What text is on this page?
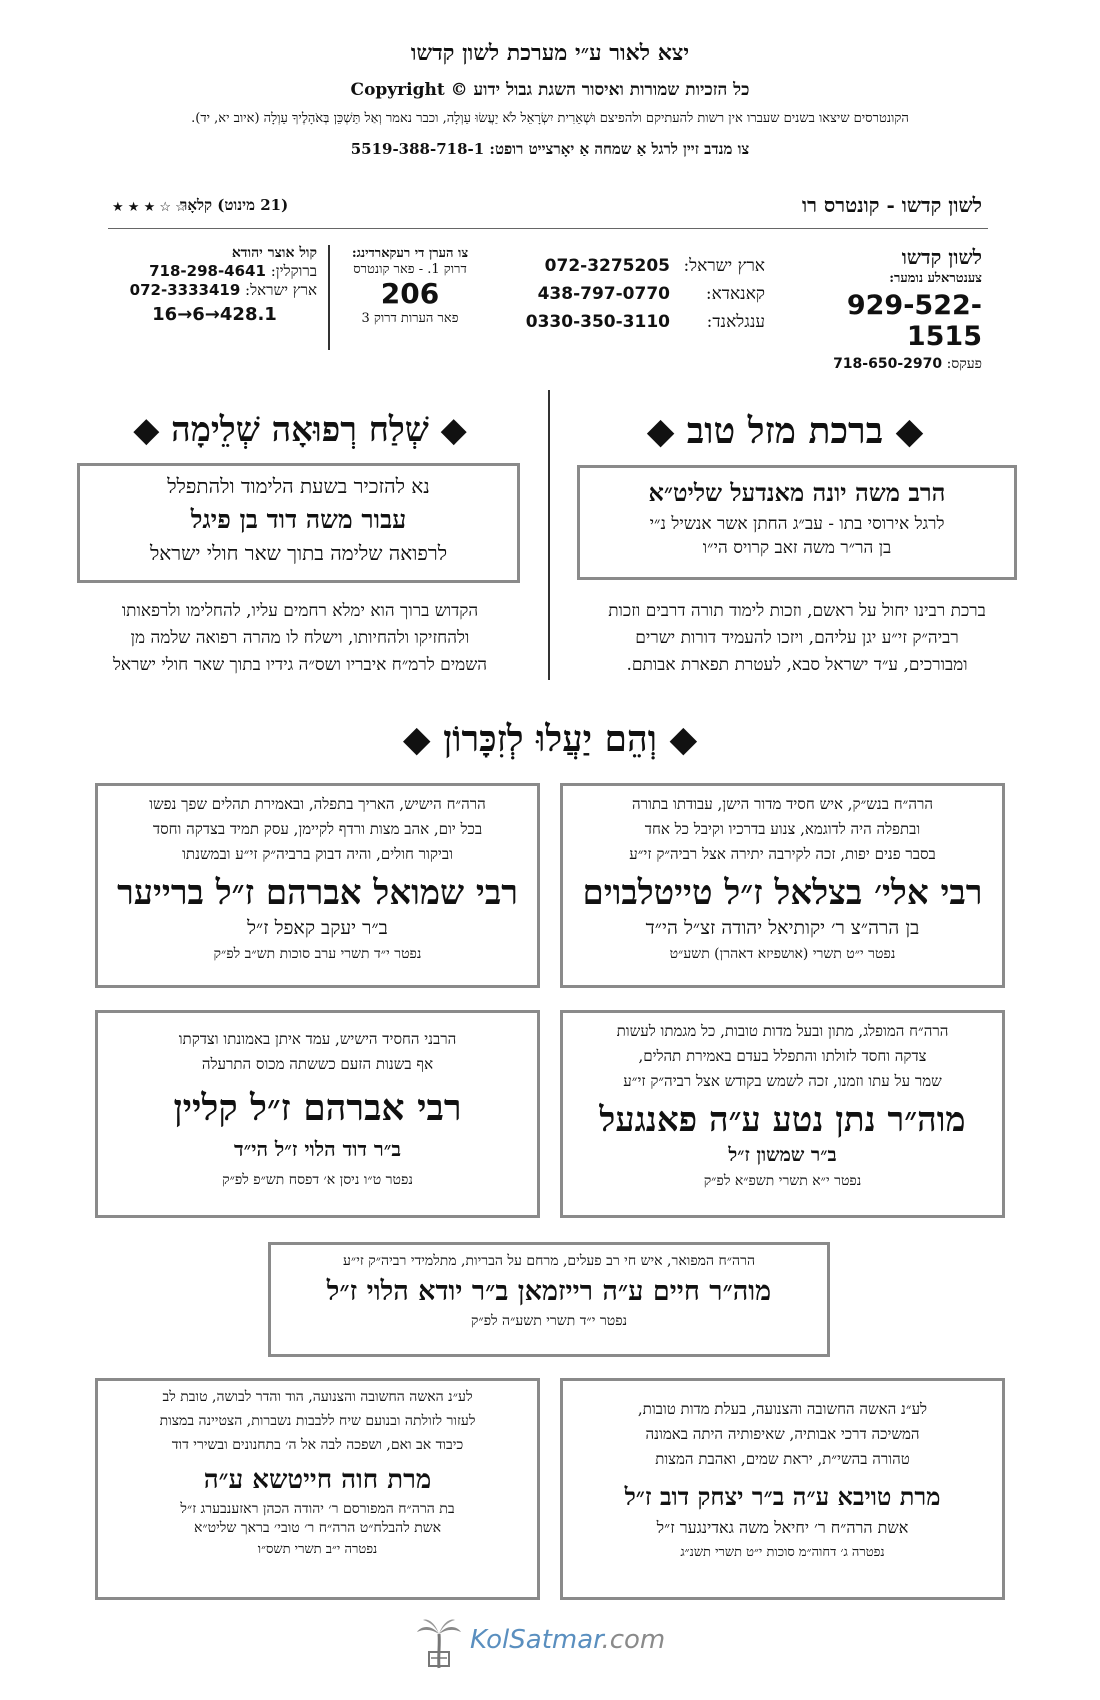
יצא לאור ע״י מערכת לשון קדשו
כל הזכיות שמורות ואיסור השגת גבול ידוע © Copyright
הקונטרסים שיצאו בשנים שעברו אין רשות להעתיקם ולהפיצם וּשְׁאֵרִית יִשְׂרָאֵל לֹא יַעֲשׂוּ עַוְלָה, וכבר נאמר וְאַל תַּשְׁכֵּן בְּאֹהָלֶיךָ עַוְלָה (איוב יא, יד).
צו מנדב זיין לרגל אַ שמחה אַ יאָרצייט רופט: 5519-388-718-1
לשון קדשו - קונטרס רו
(21 מינוט) קלאָר
★ ★ ★ ☆ ☆
לשון קדשו
צענטראלע נומער:
929-522-1515
פעקס: 718-650-2970
ארץ ישראל:072-3275205
קאנאדא:438-797-0770
ענגלאנד:0330-350-3110
צו הערן די רעקארדינג:
דרוק 1. - פאר קונטרס
206
פאר הערות דרוק 3
קול אוצר יהודא
ברוקלין: 718-298-4641
ארץ ישראל: 072-3333419
16→6→428.1
◆ ברכת מזל טוב ◆
הרב משה יונה מאנדעל שליט״א
לרגל אירוסי בתו - עב״ג החתן אשר אנשיל נ״י
בן הר״ר משה זאב קרויס הי״ו
ברכת רבינו יחול על ראשם, וזכות לימוד תורה דרבים וזכות
רביה״ק זי״ע יגן עליהם, ויזכו להעמיד דורות ישרים
ומבורכים, ע״ד ישראל סבא, לעטרת תפארת אבותם.
◆ שְׁלַח רְפוּאָה שְׁלֵימָה ◆
נא להזכיר בשעת הלימוד ולהתפלל
עבור משה דוד בן פיגל
לרפואה שלימה בתוך שאר חולי ישראל
הקדוש ברוך הוא ימלא רחמים עליו, להחלימו ולרפאותו
ולהחזיקו ולהחיותו, וישלח לו מהרה רפואה שלמה מן
השמים לרמ״ח איבריו ושס״ה גידיו בתוך שאר חולי ישראל
◆ וְהֵם יַעֲלוּ לְזִכָּרוֹן ◆
הרה״ח בנש״ק, איש חסיד מדור הישן, עבודתו בתורה
ובתפלה היה לדוגמא, צנוע בדרכיו וקיבל כל אחד
בסבר פנים יפות, זכה לקירבה יתירה אצל רביה״ק זי״ע
רבי אלי׳ בצלאל ז״ל טייטלבוים
בן הרה״צ ר׳ יקותיאל יהודה זצ״ל הי״ד
נפטר י״ט תשרי (אושפיזא דאהרן) תשע״ט
הרה״ח הישיש, האריך בתפלה, ובאמירת תהלים שפך נפשו
בכל יום, אהב מצות ורדף לקיימן, עסק תמיד בצדקה וחסד
וביקור חולים, והיה דבוק ברביה״ק זי״ע ובמשנתו
רבי שמואל אברהם ז״ל ברייער
ב״ר יעקב קאפל ז״ל
נפטר י״ד תשרי ערב סוכות תש״ב לפ״ק
הרה״ח המופלג, מתון ובעל מדות טובות, כל מגמתו לעשות
צדקה וחסד לזולתו והתפלל בעדם באמירת תהלים,
שמר על עתו וזמנו, זכה לשמש בקודש אצל רביה״ק זי״ע
מוה״ר נתן נטע ע״ה פאנגעל
ב״ר שמשון ז״ל
נפטר י״א תשרי תשפ״א לפ״ק
הרבני החסיד הישיש, עמד איתן באמונתו וצדקתו
אף בשנות הזעם כששתה מכוס התרעלה
רבי אברהם ז״ל קליין
ב״ר דוד הלוי ז״ל הי״ד
נפטר ט״ו ניסן א׳ דפסח תש״פ לפ״ק
הרה״ח המפואר, איש חי רב פעלים, מרחם על הבריות, מתלמידי רביה״ק זי״ע
מוה״ר חיים ע״ה רייזמאן ב״ר יודא הלוי ז״ל
נפטר י״ד תשרי תשע״ה לפ״ק
לע״נ האשה החשובה והצנועה, בעלת מדות טובות,
המשיכה דרכי אבותיה, שאיפותיה היתה באמונה
טהורה בהשי״ת, יראת שמים, ואהבת המצות
מרת טויבא ע״ה ב״ר יצחק דוב ז״ל
אשת הרה״ח ר׳ יחיאל משה גאדינגער ז״ל
נפטרה ג׳ דחוה״מ סוכות י״ט תשרי תשנ״ג
לע״נ האשה החשובה והצנועה, הוד והדר לבושה, טובת לב
לעזור לזולתה ובנועם שיח ללבבות נשברות, הצטיינה במצות
כיבוד אב ואם, ושפכה לבה אל ה׳ בתחנונים ובשירי דוד
מרת חוה חייטשא ע״ה
בת הרה״ח המפורסם ר׳ יהודה הכהן ראזענבערג ז״ל
אשת להבלח״ט הרה״ח ר׳ טובי׳ בראך שליט״א
נפטרה י״ב תשרי תשס״ו
KolSatmar.com
